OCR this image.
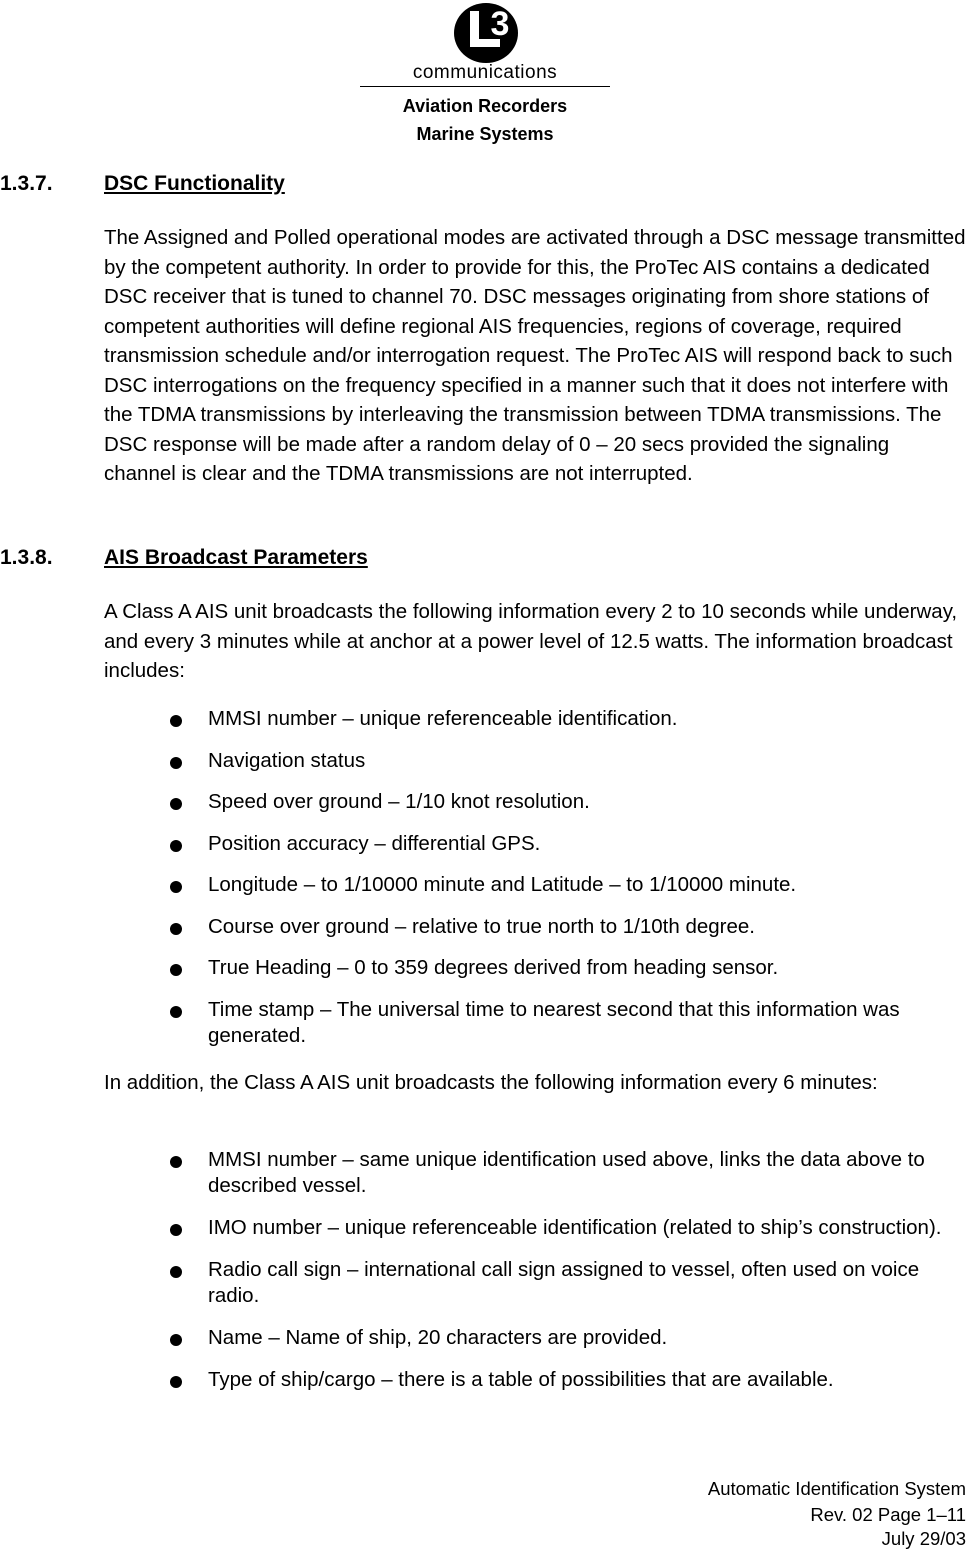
3
communications
Aviation Recorders
Marine Systems
1.3.7. DSC Functionality
The Assigned and Polled operational modes are activated through a DSC message transmitted by the competent authority. In order to provide for this, the ProTec AIS contains a dedicated DSC receiver that is tuned to channel 70. DSC messages originating from shore stations of competent authorities will define regional AIS frequencies, regions of coverage, required transmission schedule and/or interrogation request. The ProTec AIS will respond back to such DSC interrogations on the frequency specified in a manner such that it does not interfere with the TDMA transmissions by interleaving the transmission between TDMA transmissions. The DSC response will be made after a random delay of 0 – 20 secs provided the signaling channel is clear and the TDMA transmissions are not interrupted.
1.3.8. AIS Broadcast Parameters
A Class A AIS unit broadcasts the following information every 2 to 10 seconds while underway, and every 3 minutes while at anchor at a power level of 12.5 watts. The information broadcast includes:
MMSI number – unique referenceable identification.
Navigation status
Speed over ground – 1/10 knot resolution.
Position accuracy – differential GPS.
Longitude – to 1/10000 minute and Latitude – to 1/10000 minute.
Course over ground – relative to true north to 1/10th degree.
True Heading – 0 to 359 degrees derived from heading sensor.
Time stamp – The universal time to nearest second that this information was generated.
In addition, the Class A AIS unit broadcasts the following information every 6 minutes:
MMSI number – same unique identification used above, links the data above to described vessel.
IMO number – unique referenceable identification (related to ship’s construction).
Radio call sign – international call sign assigned to vessel, often used on voice radio.
Name – Name of ship, 20 characters are provided.
Type of ship/cargo – there is a table of possibilities that are available.
Automatic Identification System
Rev. 02 Page 1–11
July 29/03
